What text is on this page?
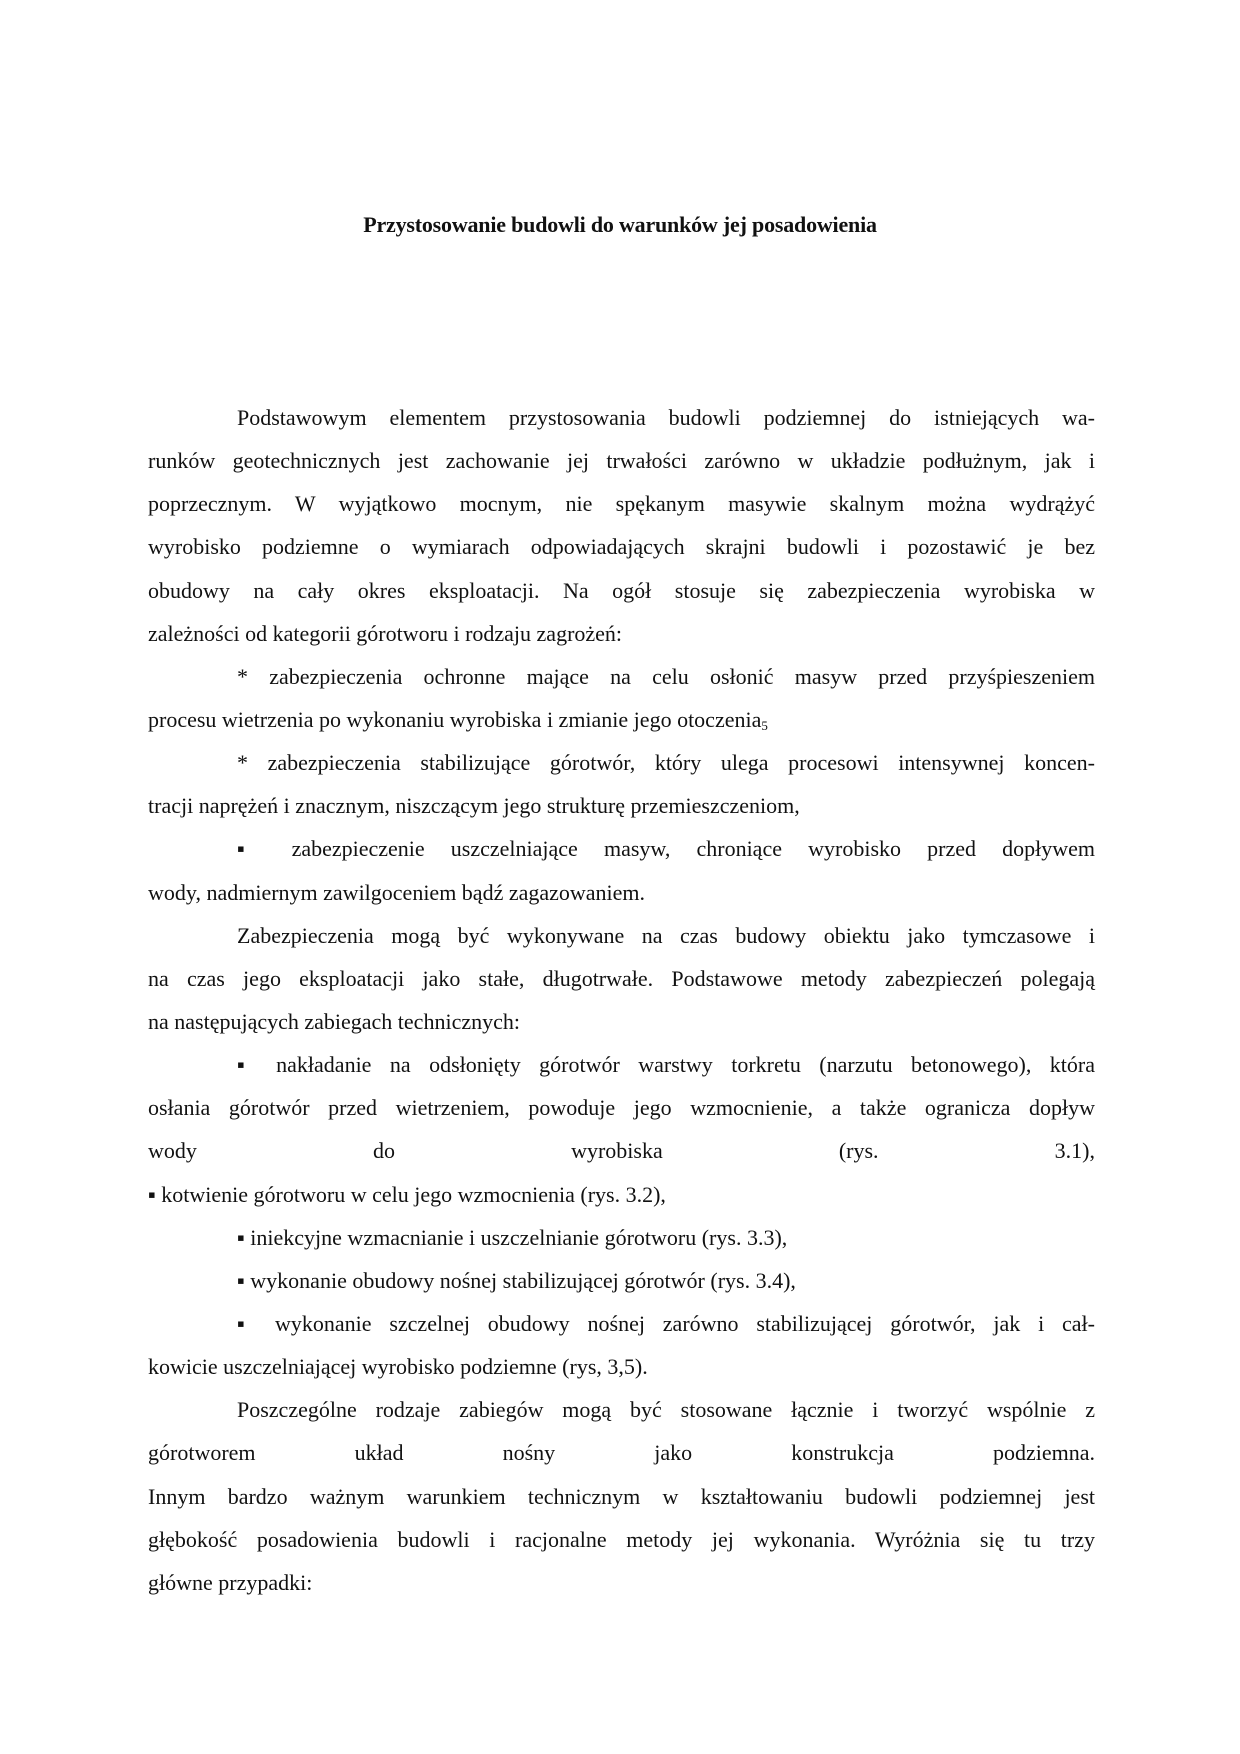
Przystosowanie budowli do warunków jej posadowienia
Podstawowym elementem przystosowania budowli podziemnej do istniejących wa-
runków geotechnicznych jest zachowanie jej trwałości zarówno w układzie podłużnym, jak i
poprzecznym. W wyjątkowo mocnym, nie spękanym masywie skalnym można wydrążyć
wyrobisko podziemne o wymiarach odpowiadających skrajni budowli i pozostawić je bez
obudowy na cały okres eksploatacji. Na ogół stosuje się zabezpieczenia wyrobiska w
zależności od kategorii górotworu i rodzaju zagrożeń:
* zabezpieczenia ochronne mające na celu osłonić masyw przed przyśpieszeniem
procesu wietrzenia po wykonaniu wyrobiska i zmianie jego otoczenia$_5$
* zabezpieczenia stabilizujące górotwór, który ulega procesowi intensywnej koncen-
tracji naprężeń i znacznym, niszczącym jego strukturę przemieszczeniom,
▪ zabezpieczenie uszczelniające masyw, chroniące wyrobisko przed dopływem
wody, nadmiernym zawilgoceniem bądź zagazowaniem.
Zabezpieczenia mogą być wykonywane na czas budowy obiektu jako tymczasowe i
na czas jego eksploatacji jako stałe, długotrwałe. Podstawowe metody zabezpieczeń polegają
na następujących zabiegach technicznych:
▪ nakładanie na odsłonięty górotwór warstwy torkretu (narzutu betonowego), która
osłania górotwór przed wietrzeniem, powoduje jego wzmocnienie, a także ogranicza dopływ
wody do wyrobiska (rys. 3.1),
▪ kotwienie górotworu w celu jego wzmocnienia (rys. 3.2),
▪ iniekcyjne wzmacnianie i uszczelnianie górotworu (rys. 3.3),
▪ wykonanie obudowy nośnej stabilizującej górotwór (rys. 3.4),
▪ wykonanie szczelnej obudowy nośnej zarówno stabilizującej górotwór, jak i cał-
kowicie uszczelniającej wyrobisko podziemne (rys, 3,5).
Poszczególne rodzaje zabiegów mogą być stosowane łącznie i tworzyć wspólnie z
górotworem układ nośny jako konstrukcja podziemna.
Innym bardzo ważnym warunkiem technicznym w kształtowaniu budowli podziemnej jest
głębokość posadowienia budowli i racjonalne metody jej wykonania. Wyróżnia się tu trzy
główne przypadki:
